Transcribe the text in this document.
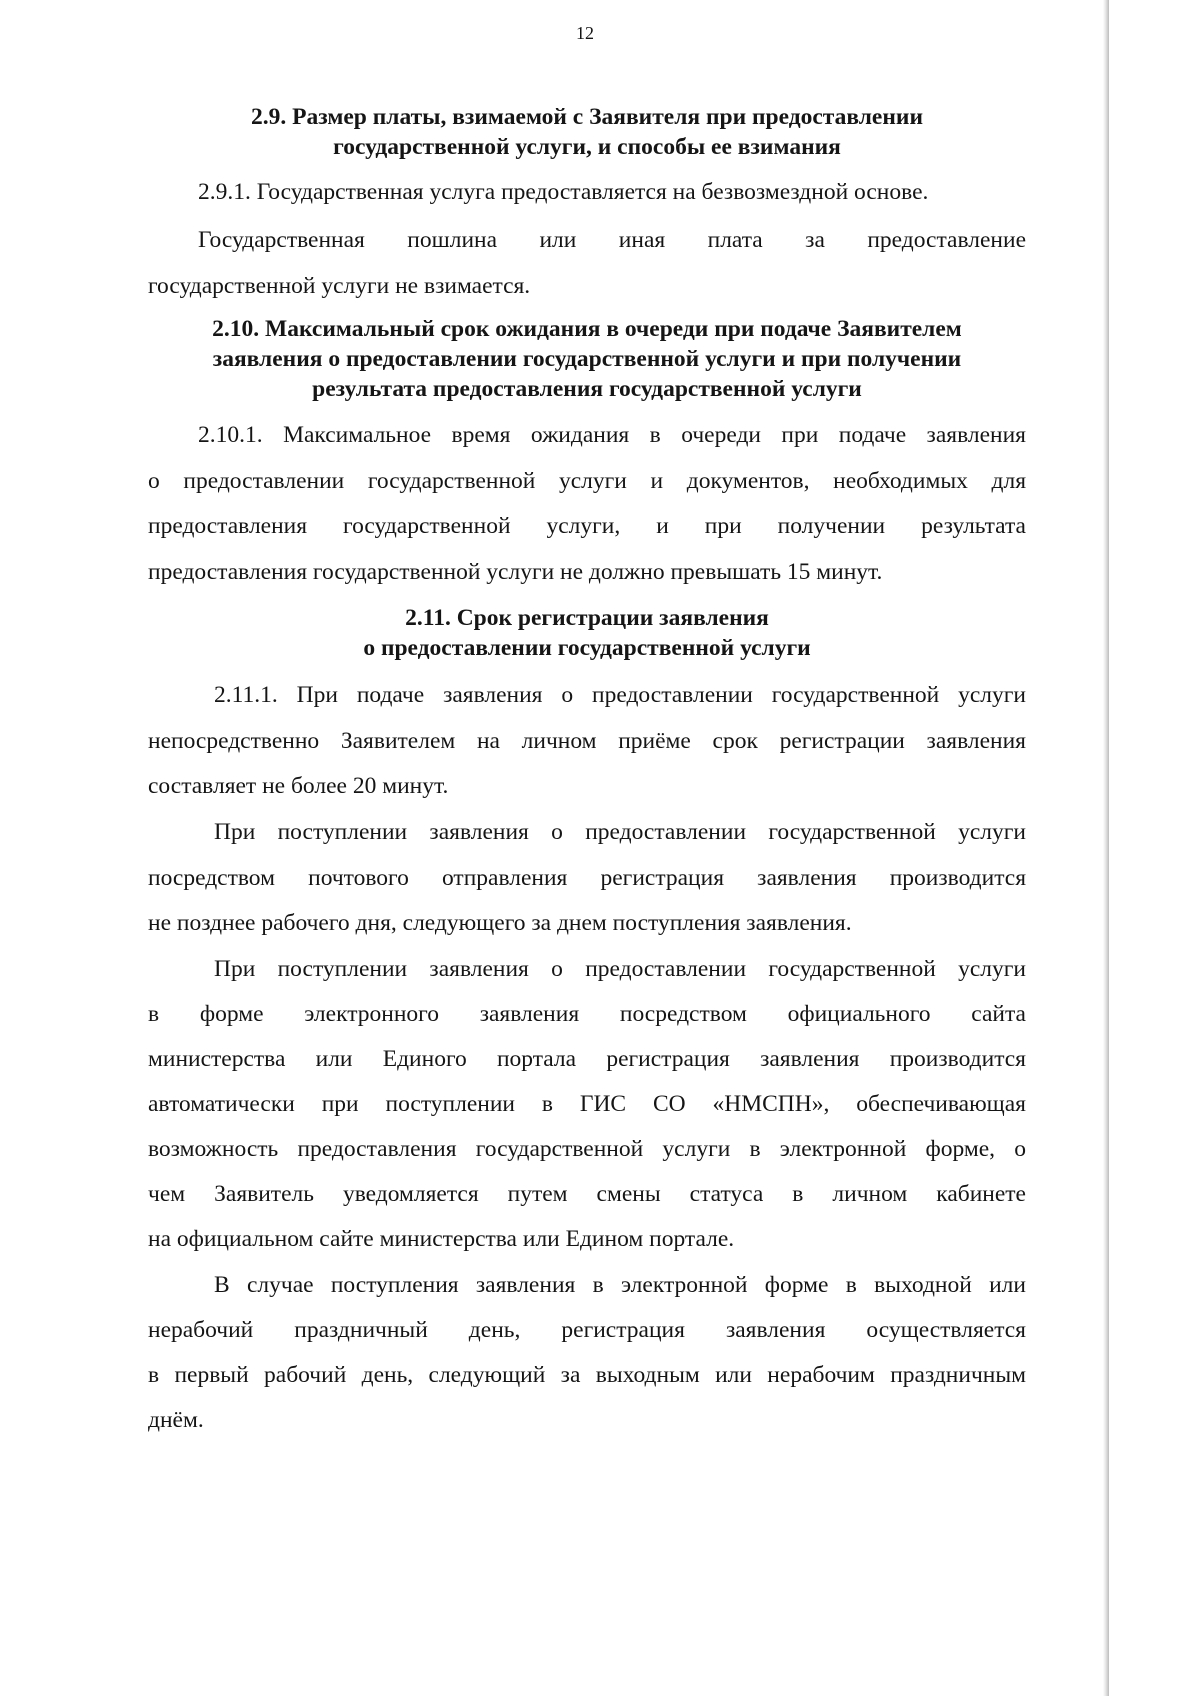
12
2.9. Размер платы, взимаемой с Заявителя при предоставлении
государственной услуги, и способы ее взимания
2.9.1. Государственная услуга предоставляется на безвозмездной основе.
Государственная пошлина или иная плата за предоставление
государственной услуги не взимается.
2.10. Максимальный срок ожидания в очереди при подаче Заявителем
заявления о предоставлении государственной услуги и при получении
результата предоставления государственной услуги
2.10.1. Максимальное время ожидания в очереди при подаче заявления
о предоставлении государственной услуги и документов, необходимых для
предоставления государственной услуги, и при получении результата
предоставления государственной услуги не должно превышать 15 минут.
2.11. Срок регистрации заявления
о предоставлении государственной услуги
2.11.1. При подаче заявления о предоставлении государственной услуги
непосредственно Заявителем на личном приёме срок регистрации заявления
составляет не более 20 минут.
При поступлении заявления о предоставлении государственной услуги
посредством почтового отправления регистрация заявления производится
не позднее рабочего дня, следующего за днем поступления заявления.
При поступлении заявления о предоставлении государственной услуги
в форме электронного заявления посредством официального сайта
министерства или Единого портала регистрация заявления производится
автоматически при поступлении в ГИС СО «НМСПН», обеспечивающая
возможность предоставления государственной услуги в электронной форме, о
чем Заявитель уведомляется путем смены статуса в личном кабинете
на официальном сайте министерства или Едином портале.
В случае поступления заявления в электронной форме в выходной или
нерабочий праздничный день, регистрация заявления осуществляется
в первый рабочий день, следующий за выходным или нерабочим праздничным
днём.
